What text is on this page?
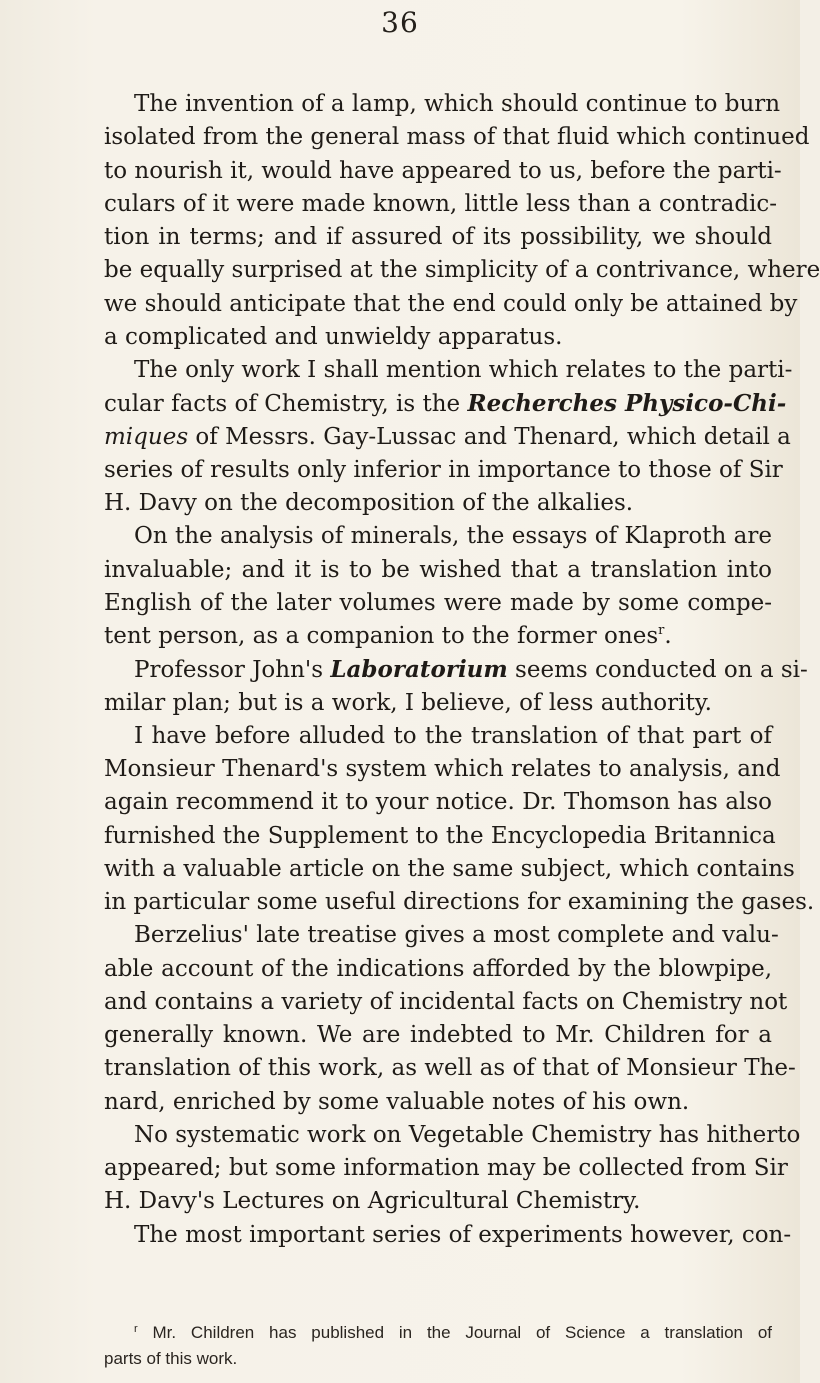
36
The invention of a lamp, which should continue to burn
isolated from the general mass of that fluid which continued
to nourish it, would have appeared to us, before the parti-
culars of it were made known, little less than a contradic-
tion in terms; and if assured of its possibility, we should
be equally surprised at the simplicity of a contrivance, where
we should anticipate that the end could only be attained by
a complicated and unwieldy apparatus.
The only work I shall mention which relates to the parti-
cular facts of Chemistry, is the Recherches Physico-Chi-
miques of Messrs. Gay-Lussac and Thenard, which detail a
series of results only inferior in importance to those of Sir
H. Davy on the decomposition of the alkalies.
On the analysis of minerals, the essays of Klaproth are
invaluable; and it is to be wished that a translation into
English of the later volumes were made by some compe-
tent person, as a companion to the former ones$^r$.
Professor John's Laboratorium seems conducted on a si-
milar plan; but is a work, I believe, of less authority.
I have before alluded to the translation of that part of
Monsieur Thenard's system which relates to analysis, and
again recommend it to your notice. Dr. Thomson has also
furnished the Supplement to the Encyclopedia Britannica
with a valuable article on the same subject, which contains
in particular some useful directions for examining the gases.
Berzelius' late treatise gives a most complete and valu-
able account of the indications afforded by the blowpipe,
and contains a variety of incidental facts on Chemistry not
generally known. We are indebted to Mr. Children for a
translation of this work, as well as of that of Monsieur The-
nard, enriched by some valuable notes of his own.
No systematic work on Vegetable Chemistry has hitherto
appeared; but some information may be collected from Sir
H. Davy's Lectures on Agricultural Chemistry.
The most important series of experiments however, con-
$^r$ Mr. Children has published in the Journal of Science a translation of
parts of this work.
